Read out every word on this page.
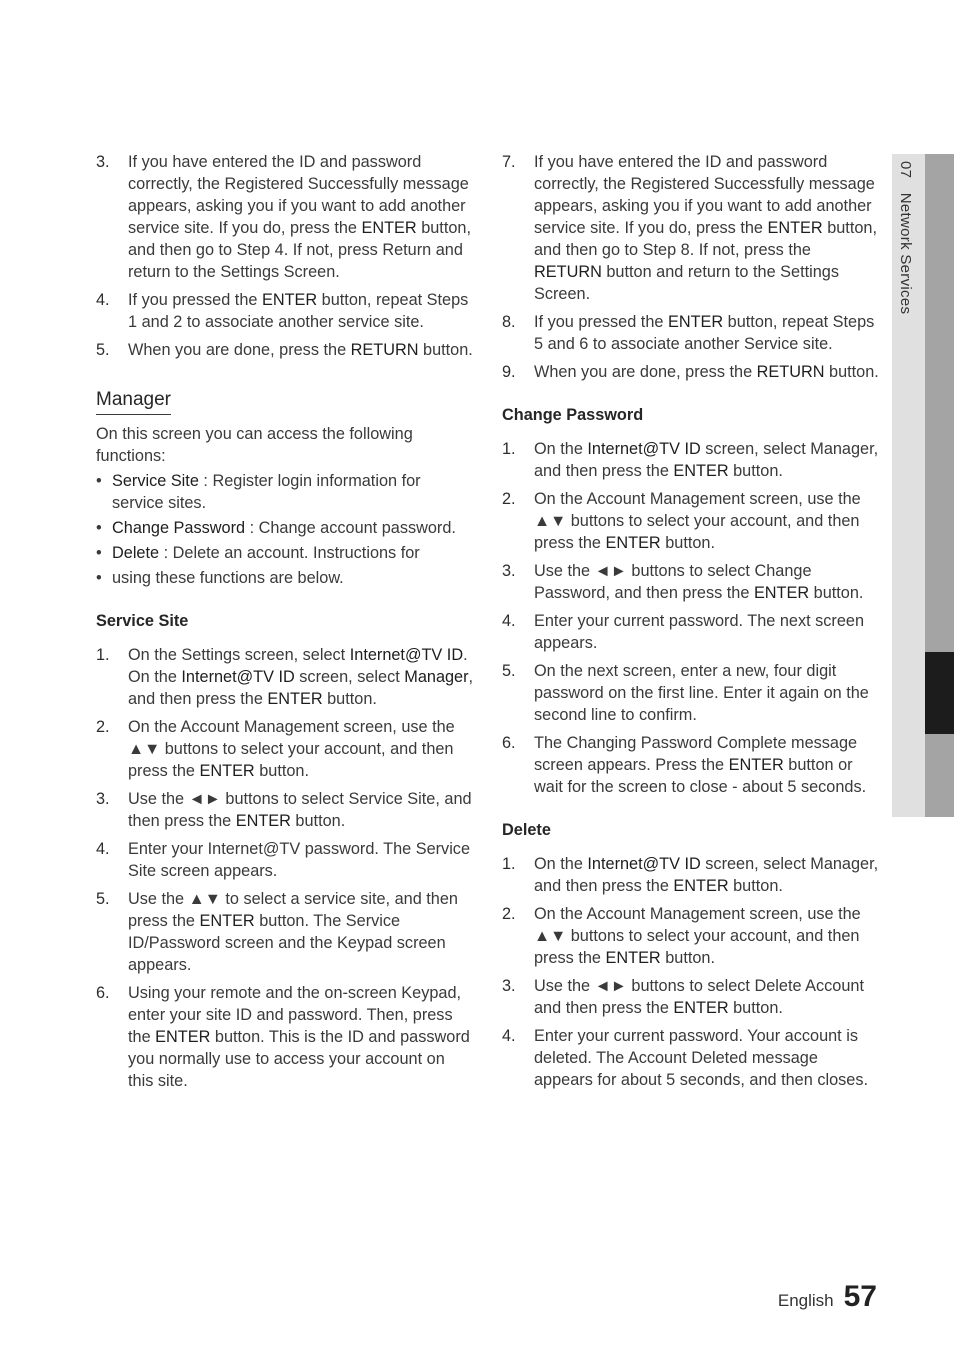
07 Network Services
3.	If you have entered the ID and password correctly, the Registered Successfully message appears, asking you if you want to add another service site. If you do, press the ENTER button, and then go to Step 4. If not, press Return and return to the Settings Screen.
4.	If you pressed the ENTER button, repeat Steps 1 and 2 to associate another service site.
5.	When you are done, press the RETURN button.
Manager
On this screen you can access the following functions:
• Service Site : Register login information for service sites.
• Change Password : Change account password.
• Delete : Delete an account. Instructions for
• using these functions are below.
Service Site
1.	On the Settings screen, select Internet@TV ID. On the Internet@TV ID screen, select Manager, and then press the ENTER button.
2.	On the Account Management screen, use the ▲▼ buttons to select your account, and then press the ENTER button.
3.	Use the ◄► buttons to select Service Site, and then press the ENTER button.
4.	Enter your Internet@TV password. The Service Site screen appears.
5.	Use the ▲▼ to select a service site, and then press the ENTER button. The Service ID/Password screen and the Keypad screen appears.
6.	Using your remote and the on-screen Keypad, enter your site ID and password. Then, press the ENTER button. This is the ID and password you normally use to access your account on this site.
7.	If you have entered the ID and password correctly, the Registered Successfully message appears, asking you if you want to add another service site. If you do, press the ENTER button, and then go to Step 8. If not, press the RETURN button and return to the Settings Screen.
8.	If you pressed the ENTER button, repeat Steps 5 and 6 to associate another Service site.
9.	When you are done, press the RETURN button.
Change Password
1.	On the Internet@TV ID screen, select Manager, and then press the ENTER button.
2.	On the Account Management screen, use the ▲▼ buttons to select your account, and then press the ENTER button.
3.	Use the ◄► buttons to select Change Password, and then press the ENTER button.
4.	Enter your current password. The next screen appears.
5.	On the next screen, enter a new, four digit password on the first line. Enter it again on the second line to confirm.
6.	The Changing Password Complete message screen appears. Press the ENTER button or wait for the screen to close - about 5 seconds.
Delete
1.	On the Internet@TV ID screen, select Manager, and then press the ENTER button.
2.	On the Account Management screen, use the ▲▼ buttons to select your account, and then press the ENTER button.
3.	Use the ◄► buttons to select Delete Account and then press the ENTER button.
4.	Enter your current password. Your account is deleted. The Account Deleted message appears for about 5 seconds, and then closes.
English 57
